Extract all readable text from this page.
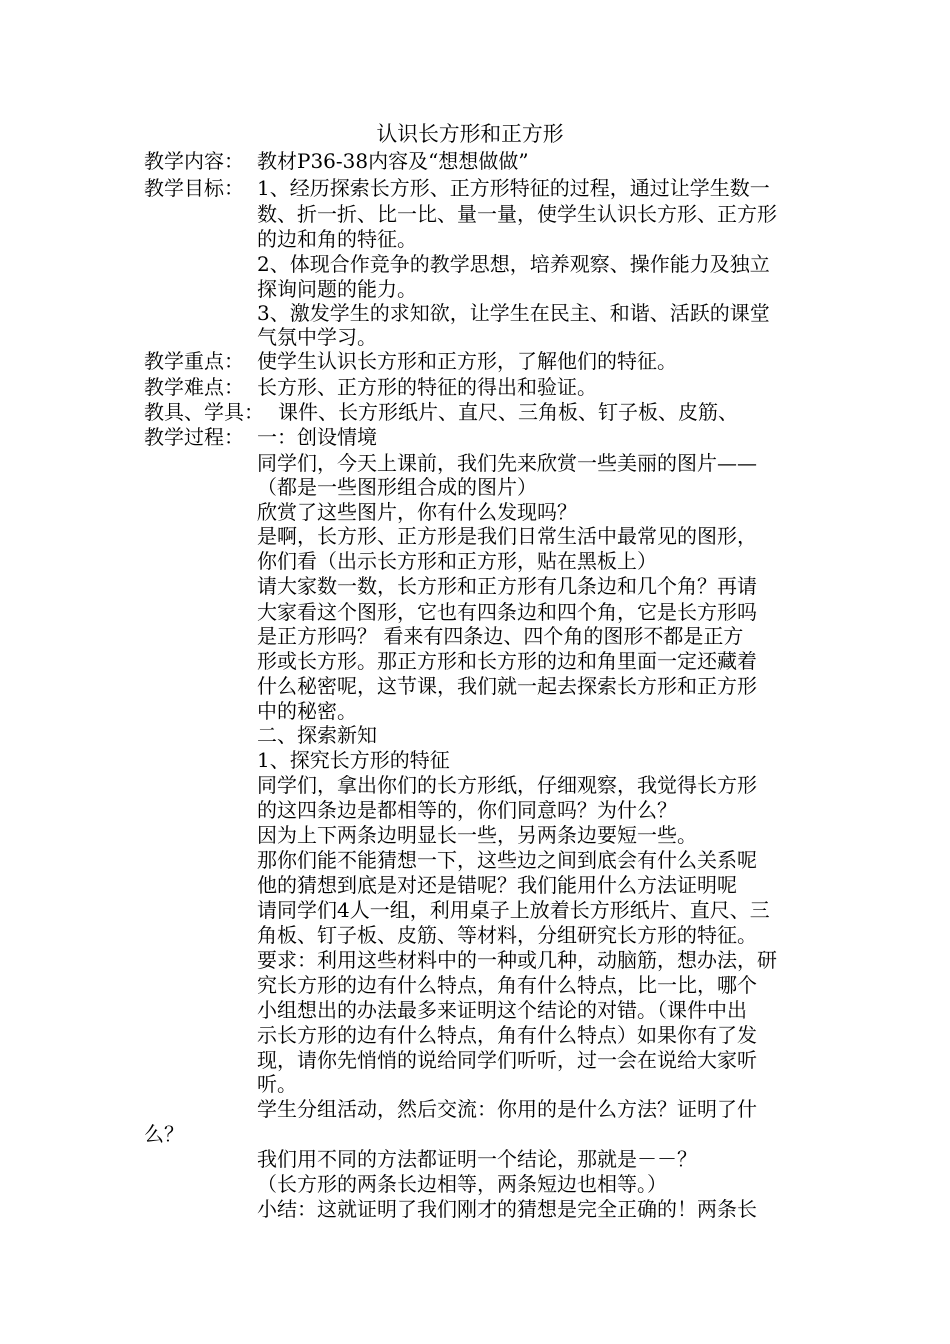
认识长方形和正方形
教学内容： 教材P36-38内容及“想想做做”
教学目标： 1、经历探索长方形、正方形特征的过程，通过让学生数一
数、折一折、比一比、量一量，使学生认识长方形、正方形
的边和角的特征。
2、体现合作竞争的教学思想，培养观察、操作能力及独立
探询问题的能力。
3、激发学生的求知欲，让学生在民主、和谐、活跃的课堂
气氛中学习。
教学重点： 使学生认识长方形和正方形，了解他们的特征。
教学难点： 长方形、正方形的特征的得出和验证。
教具、学具： 课件、长方形纸片、直尺、三角板、钉子板、皮筋、
教学过程： 一：创设情境
同学们，今天上课前，我们先来欣赏一些美丽的图片——
（都是一些图形组合成的图片）
欣赏了这些图片，你有什么发现吗？
是啊，长方形、正方形是我们日常生活中最常见的图形，
你们看（出示长方形和正方形，贴在黑板上）
请大家数一数，长方形和正方形有几条边和几个角？再请
大家看这个图形，它也有四条边和四个角，它是长方形吗
是正方形吗？ 看来有四条边、四个角的图形不都是正方
形或长方形。那正方形和长方形的边和角里面一定还藏着
什么秘密呢，这节课，我们就一起去探索长方形和正方形
中的秘密。
二、探索新知
1、探究长方形的特征
同学们，拿出你们的长方形纸，仔细观察，我觉得长方形
的这四条边是都相等的，你们同意吗？为什么？
因为上下两条边明显长一些，另两条边要短一些。
那你们能不能猜想一下，这些边之间到底会有什么关系呢
他的猜想到底是对还是错呢？我们能用什么方法证明呢
请同学们4人一组，利用桌子上放着长方形纸片、直尺、三
角板、钉子板、皮筋、等材料，分组研究长方形的特征。
要求：利用这些材料中的一种或几种，动脑筋，想办法，研
究长方形的边有什么特点，角有什么特点，比一比，哪个
小组想出的办法最多来证明这个结论的对错。（课件中出
示长方形的边有什么特点，角有什么特点）如果你有了发
现，请你先悄悄的说给同学们听听，过一会在说给大家听
听。
学生分组活动，然后交流：你用的是什么方法？证明了什
么？
我们用不同的方法都证明一个结论，那就是－－？
（长方形的两条长边相等，两条短边也相等。）
小结：这就证明了我们刚才的猜想是完全正确的！两条长
